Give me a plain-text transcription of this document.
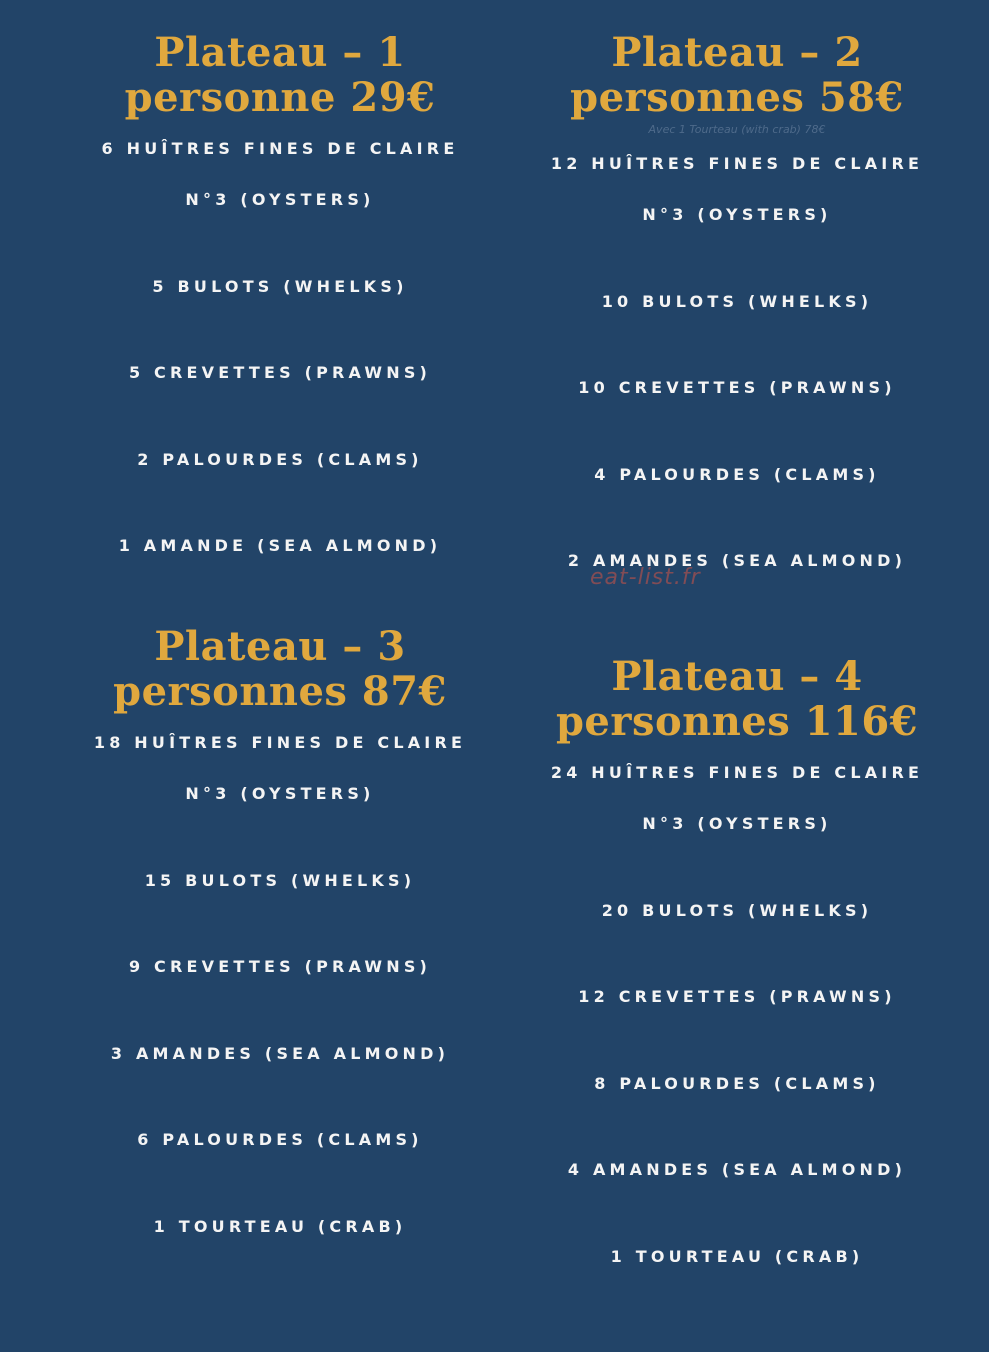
Plateau – 1
personne 29€
6 HUÎTRES FINES DE CLAIRE
N°3 (OYSTERS)
5 BULOTS (WHELKS)
5 CREVETTES (PRAWNS)
2 PALOURDES (CLAMS)
1 AMANDE (SEA ALMOND)
Plateau – 2
personnes 58€

Avec 1 Tourteau (with crab) 78€

12 HUÎTRES FINES DE CLAIRE
N°3 (OYSTERS)
10 BULOTS (WHELKS)
10 CREVETTES (PRAWNS)
4 PALOURDES (CLAMS)
2 AMANDES (SEA ALMOND)
Plateau – 3
personnes 87€
18 HUÎTRES FINES DE CLAIRE
N°3 (OYSTERS)
15 BULOTS (WHELKS)
9 CREVETTES (PRAWNS)
3 AMANDES (SEA ALMOND)
6 PALOURDES (CLAMS)
1 TOURTEAU (CRAB)
Plateau – 4
personnes 116€
24 HUÎTRES FINES DE CLAIRE
N°3 (OYSTERS)
20 BULOTS (WHELKS)
12 CREVETTES (PRAWNS)
8 PALOURDES (CLAMS)
4 AMANDES (SEA ALMOND)
1 TOURTEAU (CRAB)
eat-list.fr
